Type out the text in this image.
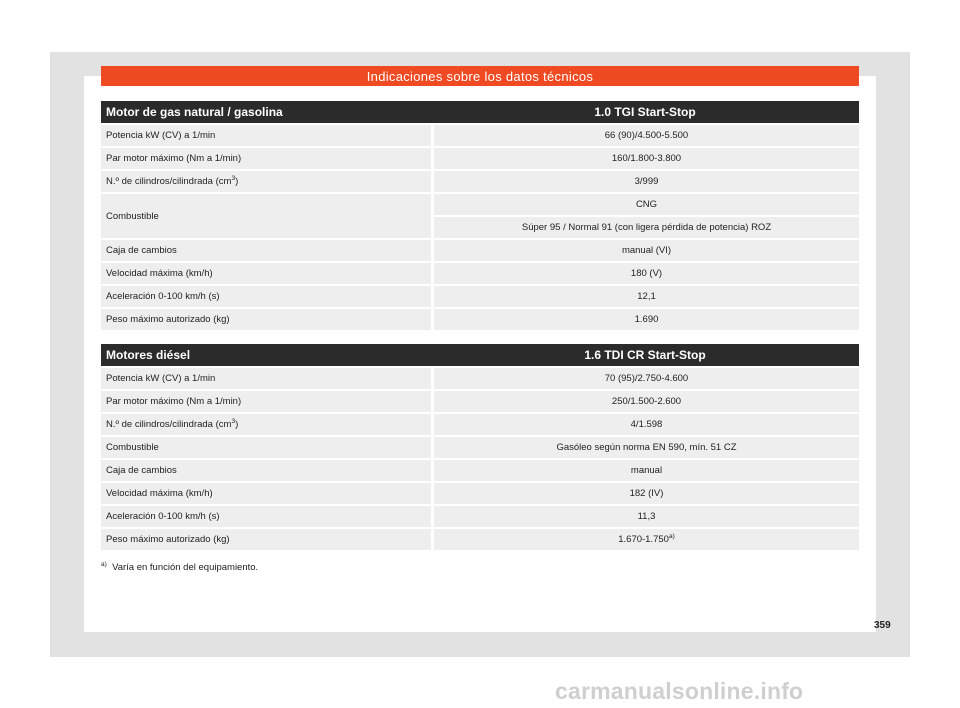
Indicaciones sobre los datos técnicos
Motor de gas natural / gasolina	1.0 TGI Start-Stop
Potencia kW (CV) a 1/min	66 (90)/4.500-5.500
Par motor máximo (Nm a 1/min)	160/1.800-3.800
N.º de cilindros/cilindrada $(cm^3)$	3/999
Combustible	CNG
	Súper 95 / Normal 91 (con ligera pérdida de potencia) ROZ
Caja de cambios	manual (VI)
Velocidad máxima (km/h)	180 (V)
Aceleración 0-100 km/h (s)	12,1
Peso máximo autorizado (kg)	1.690
Motores diésel	1.6 TDI CR Start-Stop
Potencia kW (CV) a 1/min	70 (95)/2.750-4.600
Par motor máximo (Nm a 1/min)	250/1.500-2.600
N.º de cilindros/cilindrada $(cm^3)$	4/1.598
Combustible	Gasóleo según norma EN 590, mín. 51 CZ
Caja de cambios	manual
Velocidad máxima (km/h)	182 (IV)
Aceleración 0-100 km/h (s)	11,3
Peso máximo autorizado (kg)	1.670-1.750$^{a)}$
$^{a)}$ Varía en función del equipamiento.
359
carmanualsonline.info
